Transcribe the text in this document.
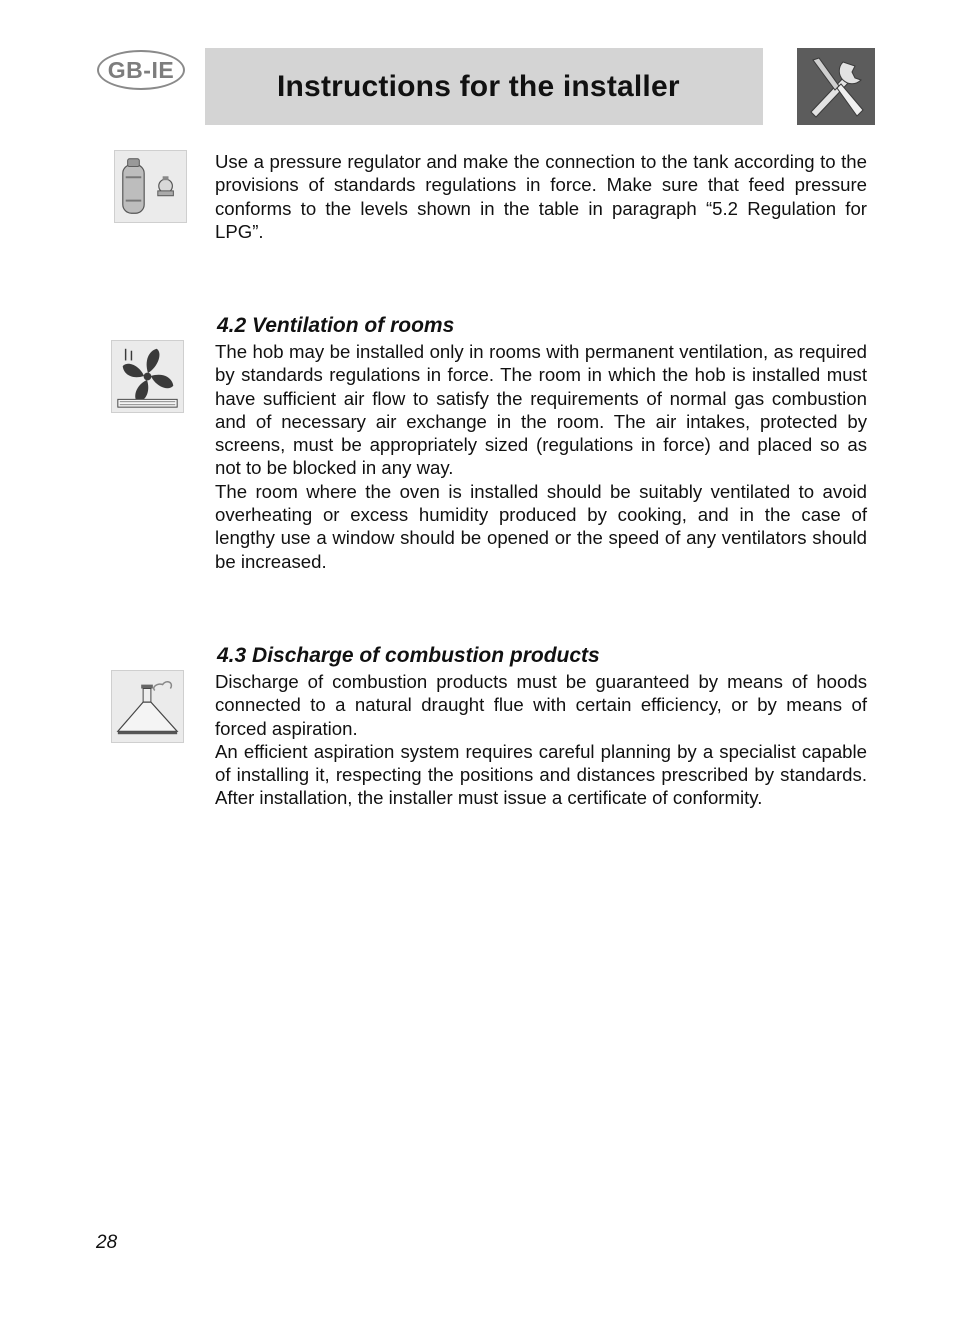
GB-IE	Instructions for the installer

Use a pressure regulator and make the connection to the tank according to the provisions of standards regulations in force. Make sure that feed pressure conforms to the levels shown in the table in paragraph “5.2 Regulation for LPG”.

4.2 Ventilation of rooms

The hob may be installed only in rooms with permanent ventilation, as required by standards regulations in force. The room in which the hob is installed must have sufficient air flow to satisfy the requirements of normal gas combustion and of necessary air exchange in the room. The air intakes, protected by screens, must be appropriately sized (regulations in force) and placed so as not to be blocked in any way.

The room where the oven is installed should be suitably ventilated to avoid overheating or excess humidity produced by cooking, and in the case of lengthy use a window should be opened or the speed of any ventilators should be increased.

4.3 Discharge of combustion products

Discharge of combustion products must be guaranteed by means of hoods connected to a natural draught flue with certain efficiency, or by means of forced aspiration.

An efficient aspiration system requires careful planning by a specialist capable of installing it, respecting the positions and distances prescribed by standards. After installation, the installer must issue a certificate of conformity.

28
